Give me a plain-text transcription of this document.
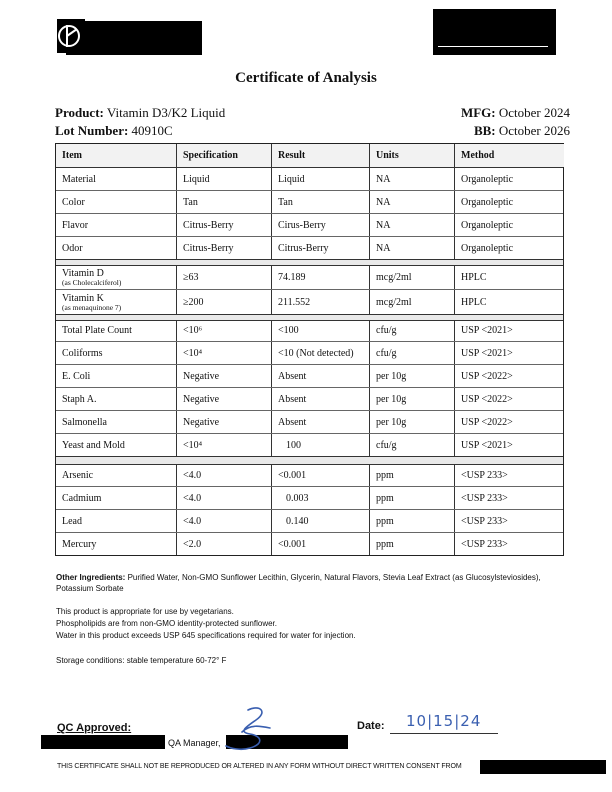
Certificate of Analysis
Product: Vitamin D3/K2 Liquid
Lot Number: 40910C
MFG: October 2024
BB: October 2026
Item	Specification	Result	Units	Method
Material	Liquid	Liquid	NA	Organoleptic
Color	Tan	Tan	NA	Organoleptic
Flavor	Citrus-Berry	Cirus-Berry	NA	Organoleptic
Odor	Citrus-Berry	Citrus-Berry	NA	Organoleptic
Vitamin D
(as Cholecalciferol)	≥63	74.189	mcg/2ml	HPLC
Vitamin K
(as menaquinone 7)	≥200	211.552	mcg/2ml	HPLC
Total Plate Count	<10⁶	<100	cfu/g	USP <2021>
Coliforms	<10⁴	<10 (Not detected)	cfu/g	USP <2021>
E. Coli	Negative	Absent	per 10g	USP <2022>
Staph A.	Negative	Absent	per 10g	USP <2022>
Salmonella	Negative	Absent	per 10g	USP <2022>
Yeast and Mold	<10⁴	100	cfu/g	USP <2021>
Arsenic	<4.0	<0.001	ppm	<USP 233>
Cadmium	<4.0	0.003	ppm	<USP 233>
Lead	<4.0	0.140	ppm	<USP 233>
Mercury	<2.0	<0.001	ppm	<USP 233>
Other Ingredients: Purified Water, Non-GMO Sunflower Lecithin, Glycerin, Natural Flavors, Stevia Leaf Extract (as Glucosylsteviosides), Potassium Sorbate
This product is appropriate for use by vegetarians.
Phospholipids are from non-GMO identity-protected sunflower.
Water in this product exceeds USP 645 specifications required for water for injection.
Storage conditions: stable temperature 60-72° F
QC Approved:
QA Manager,
Date: 10|15|24
THIS CERTIFICATE SHALL NOT BE REPRODUCED OR ALTERED IN ANY FORM WITHOUT DIRECT WRITTEN CONSENT FROM
